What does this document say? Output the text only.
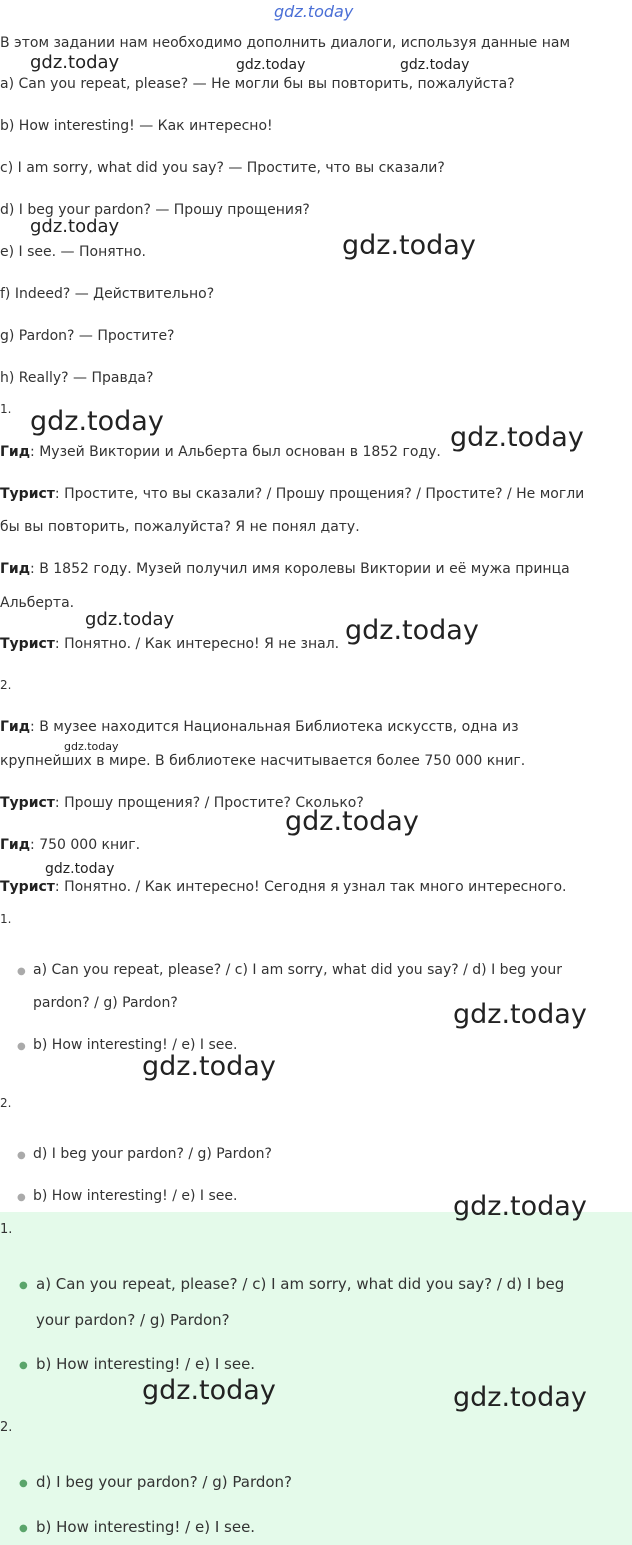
gdz.today
В этом задании нам необходимо дополнить диалоги, используя данные нам
a) Can you repeat, please? — Не могли бы вы повторить, пожалуйста?
b) How interesting! — Как интересно!
c) I am sorry, what did you say? — Простите, что вы сказали?
d) I beg your pardon? — Прошу прощения?
e) I see. — Понятно.
f) Indeed? — Действительно?
g) Pardon? — Простите?
h) Really? — Правда?
1.
Гид: Музей Виктории и Альберта был основан в 1852 году.
Турист: Простите, что вы сказали? / Прошу прощения? / Простите? / Не могли
бы вы повторить, пожалуйста? Я не понял дату.
Гид: В 1852 году. Музей получил имя королевы Виктории и её мужа принца
Альберта.
Турист: Понятно. / Как интересно! Я не знал.
2.
Гид: В музее находится Национальная Библиотека искусств, одна из
крупнейших в мире. В библиотеке насчитывается более 750 000 книг.
Турист: Прошу прощения? / Простите? Сколько?
Гид: 750 000 книг.
Турист: Понятно. / Как интересно! Сегодня я узнал так много интересного.
1.
● a) Can you repeat, please? / c) I am sorry, what did you say? / d) I beg your
pardon? / g) Pardon?
● b) How interesting! / e) I see.
2.
● d) I beg your pardon? / g) Pardon?
● b) How interesting! / e) I see.
1.
● a) Can you repeat, please? / c) I am sorry, what did you say? / d) I beg
your pardon? / g) Pardon?
● b) How interesting! / e) I see.
2.
● d) I beg your pardon? / g) Pardon?
● b) How interesting! / e) I see.
gdz.today	gdz.today	gdz.today
gdz.today
gdz.today
gdz.today
gdz.today
gdz.today	gdz.today
gdz.today
gdz.today
gdz.today
gdz.today
gdz.today
gdz.today
gdz.today	gdz.today
